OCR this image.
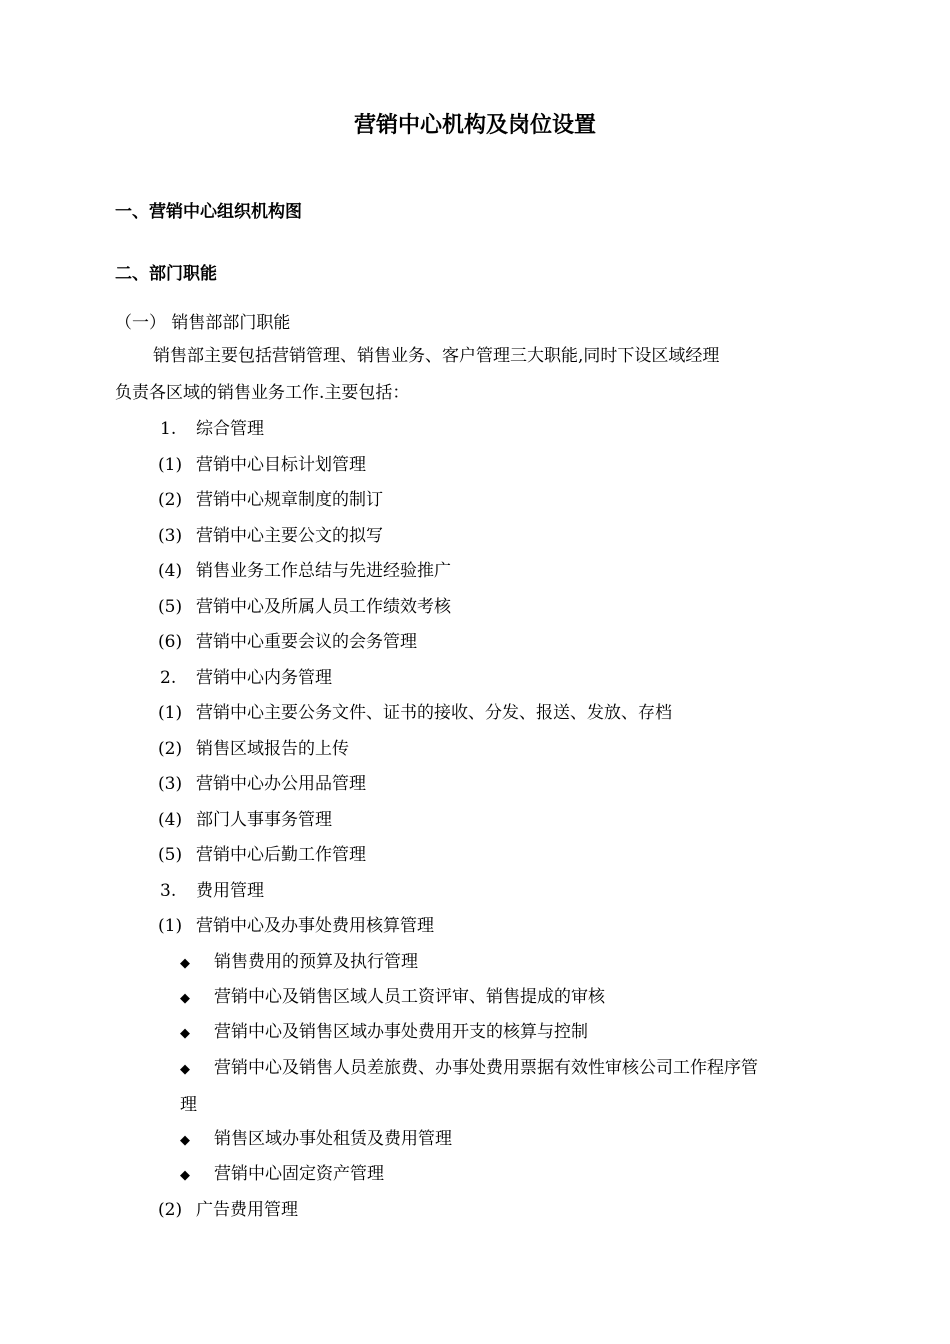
营销中心机构及岗位设置
一、营销中心组织机构图
二、部门职能
（一） 销售部部门职能
销售部主要包括营销管理、销售业务、客户管理三大职能,同时下设区域经理
负责各区域的销售业务工作.主要包括：
1. 综合管理
(1) 营销中心目标计划管理
(2) 营销中心规章制度的制订
(3) 营销中心主要公文的拟写
(4) 销售业务工作总结与先进经验推广
(5) 营销中心及所属人员工作绩效考核
(6) 营销中心重要会议的会务管理
2. 营销中心内务管理
(1) 营销中心主要公务文件、证书的接收、分发、报送、发放、存档
(2) 销售区域报告的上传
(3) 营销中心办公用品管理
(4) 部门人事事务管理
(5) 营销中心后勤工作管理
3. 费用管理
(1) 营销中心及办事处费用核算管理
◆ 销售费用的预算及执行管理
◆ 营销中心及销售区域人员工资评审、销售提成的审核
◆ 营销中心及销售区域办事处费用开支的核算与控制
◆ 营销中心及销售人员差旅费、办事处费用票据有效性审核公司工作程序管
理
◆ 销售区域办事处租赁及费用管理
◆ 营销中心固定资产管理
(2) 广告费用管理
